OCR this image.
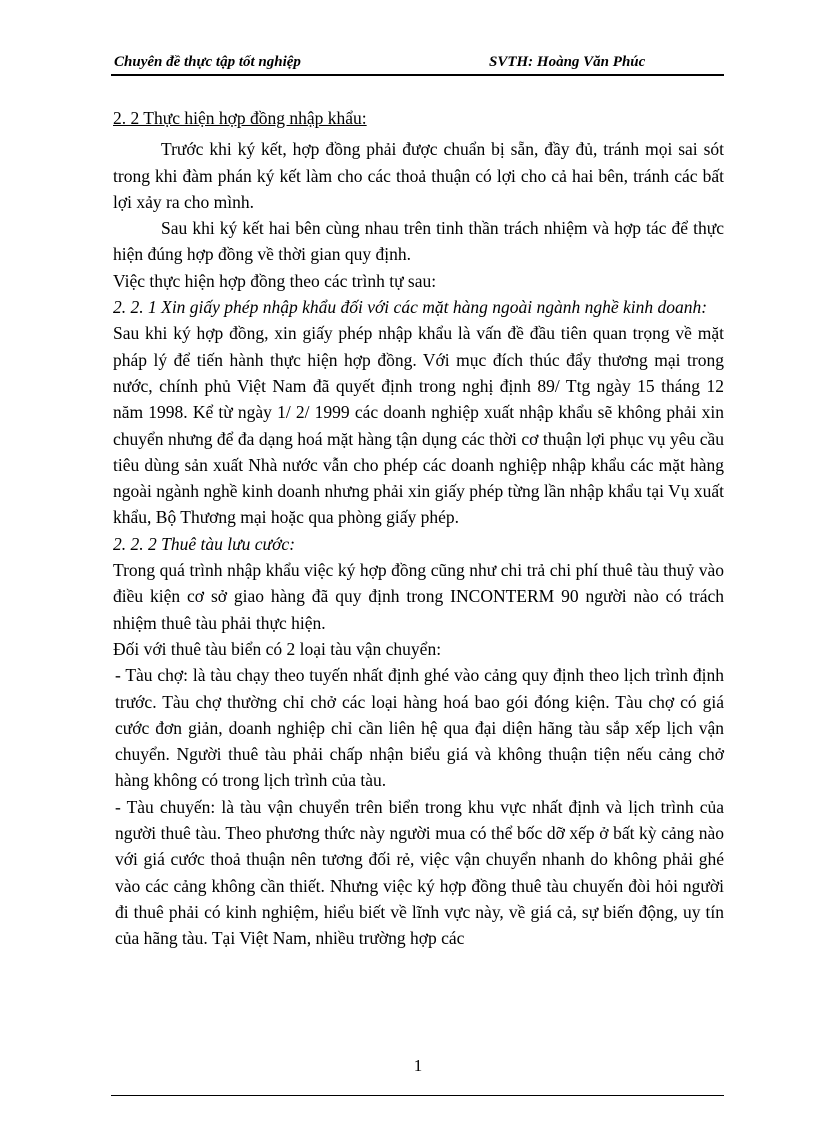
Chuyên đề thực tập tốt nghiệp	SVTH: Hoàng Văn Phúc

2. 2 Thực hiện hợp đồng nhập khẩu:

Trước khi ký kết, hợp đồng phải được chuẩn bị sẵn, đầy đủ, tránh mọi sai sót trong khi đàm phán ký kết làm cho các thoả thuận có lợi cho cả hai bên, tránh các bất lợi xảy ra cho mình.

Sau khi ký kết hai bên cùng nhau trên tinh thần trách nhiệm và hợp tác để thực hiện đúng hợp đồng về thời gian quy định.

Việc thực hiện hợp đồng theo các trình tự sau:

2. 2. 1 Xin giấy phép nhập khẩu đối với các mặt hàng ngoài ngành nghề kinh doanh:

Sau khi ký hợp đồng, xin giấy phép nhập khẩu là vấn đề đầu tiên quan trọng về mặt pháp lý để tiến hành thực hiện hợp đồng. Với mục đích thúc đẩy thương mại trong nước, chính phủ Việt Nam đã quyết định trong nghị định 89/ Ttg ngày 15 tháng 12 năm 1998. Kể từ ngày 1/ 2/ 1999 các doanh nghiệp xuất nhập khẩu sẽ không phải xin chuyển nhưng để đa dạng hoá mặt hàng tận dụng các thời cơ thuận lợi phục vụ yêu cầu tiêu dùng sản xuất Nhà nước vẫn cho phép các doanh nghiệp nhập khẩu các mặt hàng ngoài ngành nghề kinh doanh nhưng phải xin giấy phép từng lần nhập khẩu tại Vụ xuất khẩu, Bộ Thương mại hoặc qua phòng giấy phép.

2. 2. 2 Thuê tàu lưu cước:

Trong quá trình nhập khẩu việc ký hợp đồng cũng như chi trả chi phí thuê tàu thuỷ vào điều kiện cơ sở giao hàng đã quy định trong INCONTERM 90 người nào có trách nhiệm thuê tàu phải thực hiện.

Đối với thuê tàu biển có 2 loại tàu vận chuyển:

- Tàu chợ: là tàu chạy theo tuyến nhất định ghé vào cảng quy định theo lịch trình định trước. Tàu chợ thường chỉ chở các loại hàng hoá bao gói đóng kiện. Tàu chợ có giá cước đơn giản, doanh nghiệp chỉ cần liên hệ qua đại diện hãng tàu sắp xếp lịch vận chuyển. Người thuê tàu phải chấp nhận biểu giá và không thuận tiện nếu cảng chở hàng không có trong lịch trình của tàu.

- Tàu chuyến: là tàu vận chuyển trên biển trong khu vực nhất định và lịch trình của người thuê tàu. Theo phương thức này người mua có thể bốc dỡ xếp ở bất kỳ cảng nào với giá cước thoả thuận nên tương đối rẻ, việc vận chuyển nhanh do không phải ghé vào các cảng không cần thiết. Nhưng việc ký hợp đồng thuê tàu chuyến đòi hỏi người đi thuê phải có kinh nghiệm, hiểu biết về lĩnh vực này, về giá cả, sự biến động, uy tín của hãng tàu. Tại Việt Nam, nhiều trường hợp các

1
